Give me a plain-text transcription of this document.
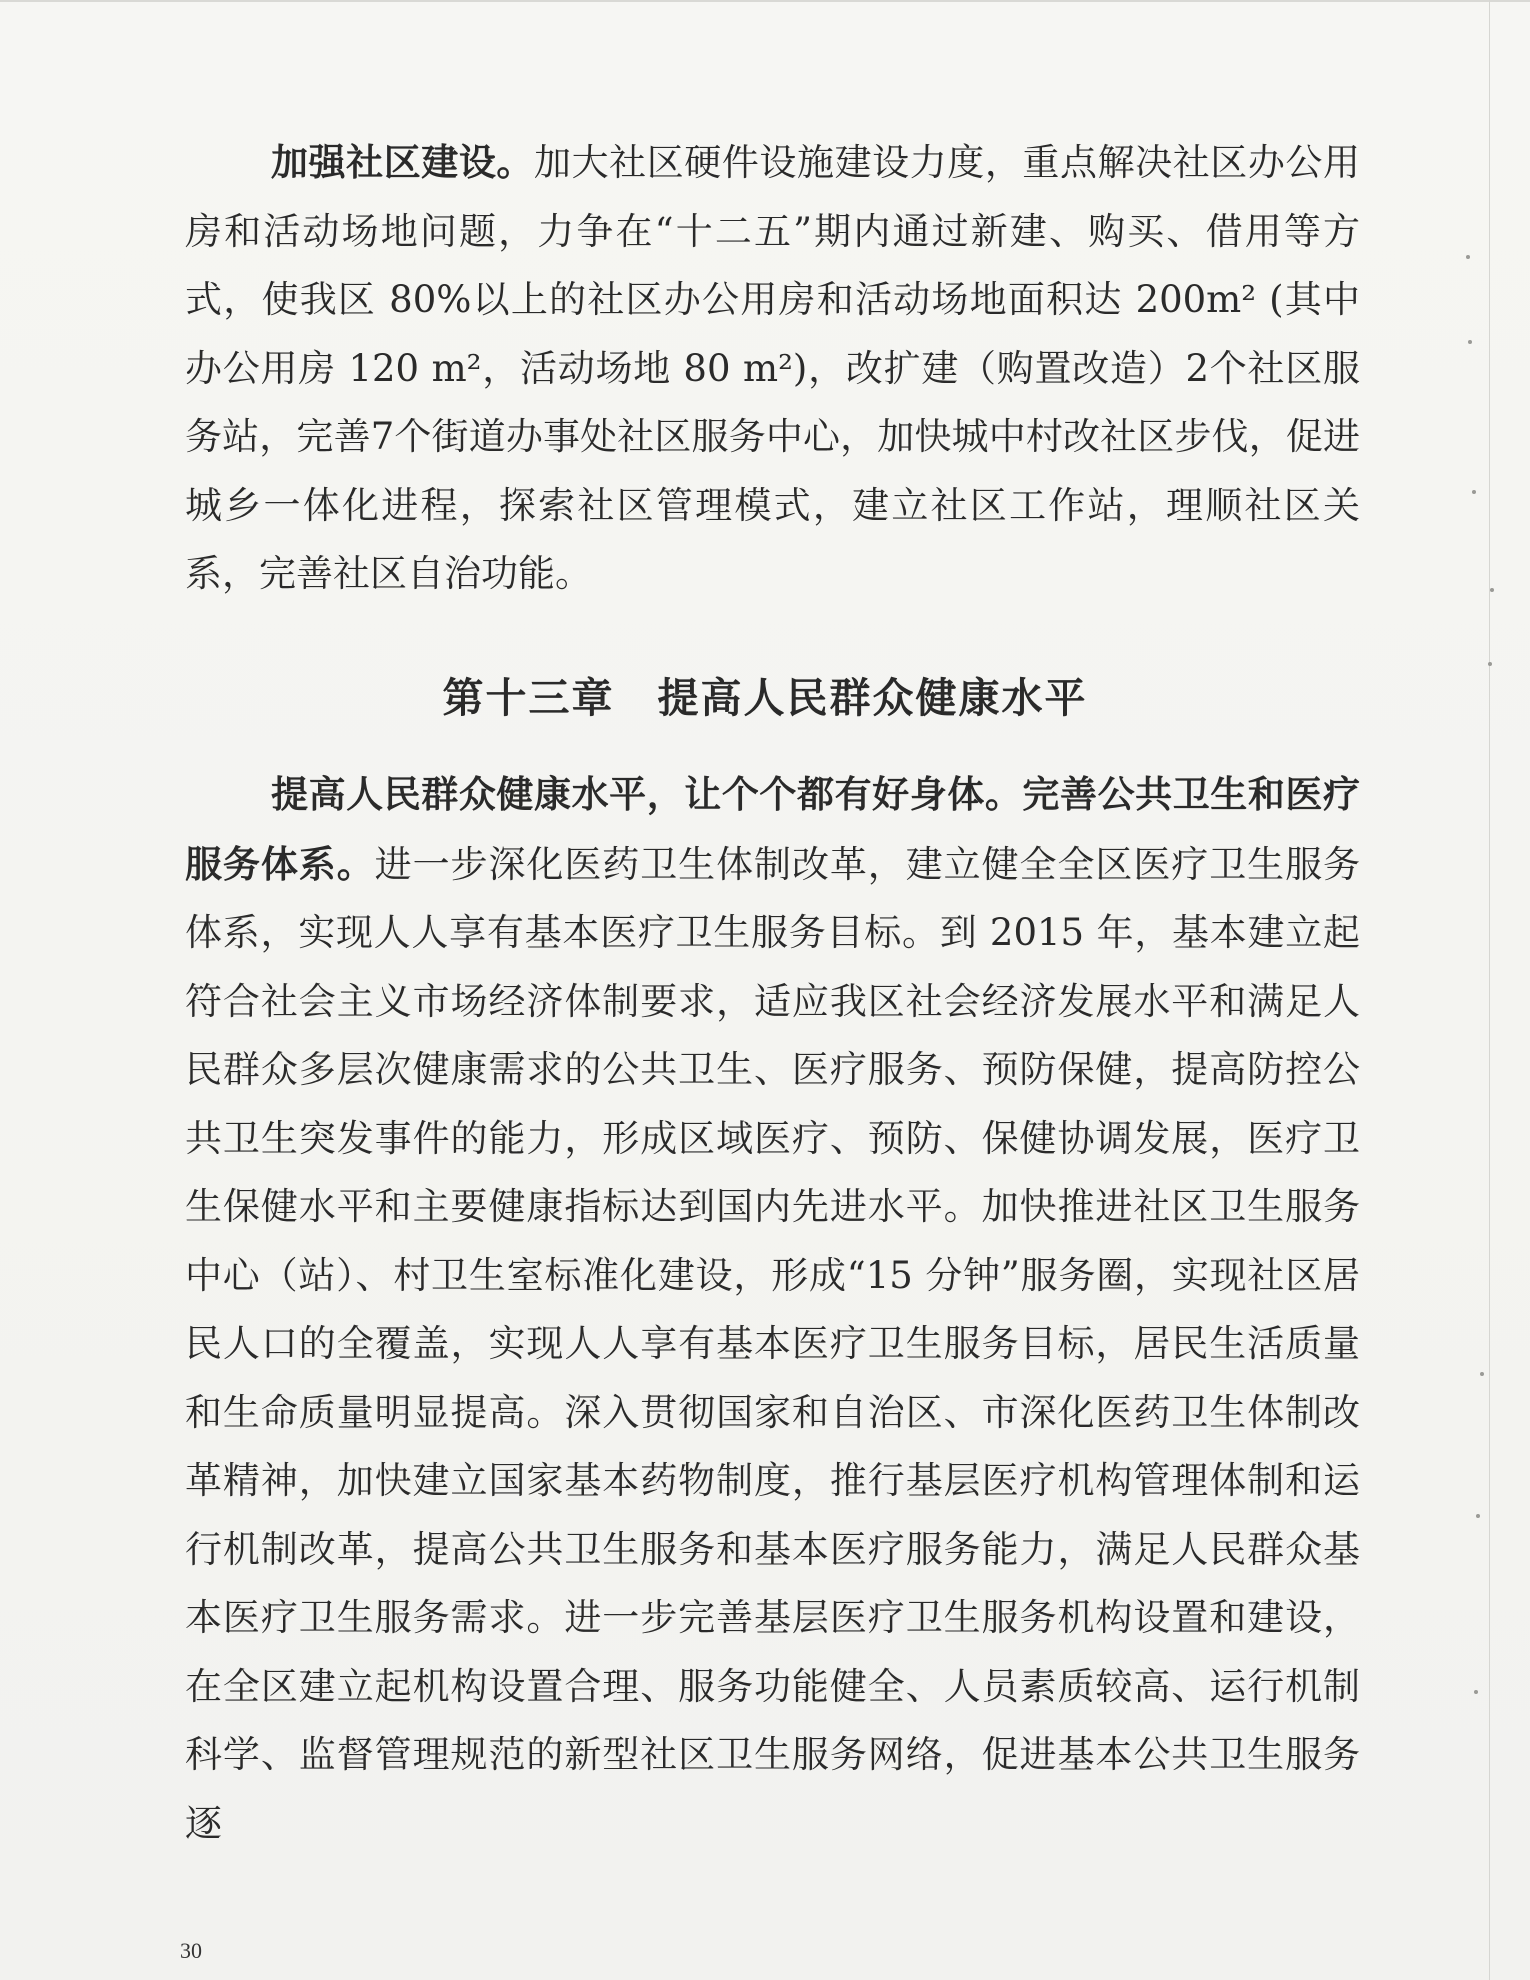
加强社区建设。加大社区硬件设施建设力度，重点解决社区办公用房和活动场地问题，力争在“十二五”期内通过新建、购买、借用等方式，使我区 80%以上的社区办公用房和活动场地面积达 200m² (其中办公用房 120 m²，活动场地 80 m²)，改扩建（购置改造）2个社区服务站，完善7个街道办事处社区服务中心，加快城中村改社区步伐，促进城乡一体化进程，探索社区管理模式，建立社区工作站，理顺社区关系，完善社区自治功能。

第十三章　提高人民群众健康水平

提高人民群众健康水平，让个个都有好身体。完善公共卫生和医疗服务体系。进一步深化医药卫生体制改革，建立健全全区医疗卫生服务体系，实现人人享有基本医疗卫生服务目标。到 2015 年，基本建立起符合社会主义市场经济体制要求，适应我区社会经济发展水平和满足人民群众多层次健康需求的公共卫生、医疗服务、预防保健，提高防控公共卫生突发事件的能力，形成区域医疗、预防、保健协调发展，医疗卫生保健水平和主要健康指标达到国内先进水平。加快推进社区卫生服务中心（站）、村卫生室标准化建设，形成“15 分钟”服务圈，实现社区居民人口的全覆盖，实现人人享有基本医疗卫生服务目标，居民生活质量和生命质量明显提高。深入贯彻国家和自治区、市深化医药卫生体制改革精神，加快建立国家基本药物制度，推行基层医疗机构管理体制和运行机制改革，提高公共卫生服务和基本医疗服务能力，满足人民群众基本医疗卫生服务需求。进一步完善基层医疗卫生服务机构设置和建设，在全区建立起机构设置合理、服务功能健全、人员素质较高、运行机制科学、监督管理规范的新型社区卫生服务网络，促进基本公共卫生服务逐

30
